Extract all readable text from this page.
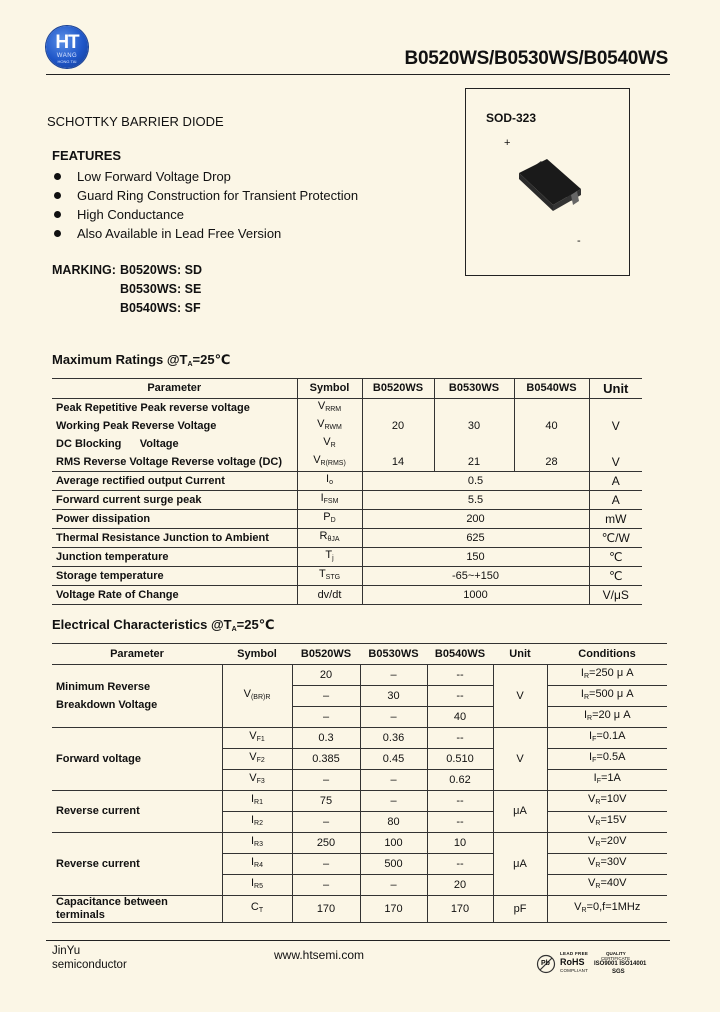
HT
WANG
HONG TAI	B0520WS/B0530WS/B0540WS
SCHOTTKY BARRIER DIODE
FEATURES
Low Forward Voltage Drop
Guard Ring Construction for Transient Protection
High Conductance
Also Available in Lead Free Version
MARKING: B0520WS: SD
B0530WS: SE
B0540WS: SF
SOD-323
+
-
Maximum Ratings $@T_A=25℃$
Parameter	Symbol	B0520WS	B0530WS	B0540WS	Unit
Peak Repetitive Peak reverse voltage	$V_{RRM}$				
Working Peak Reverse Voltage	$V_{RWM}$	20	30	40	V
DC Blocking      Voltage	$V_R$				
RMS Reverse Voltage Reverse voltage (DC)	$V_{R(RMS)}$	14	21	28	V
Average rectified output Current	$I_o$	0.5			A
Forward current surge peak	$I_{FSM}$	5.5			A
Power dissipation	$P_D$	200			mW
Thermal Resistance Junction to Ambient	$R_{\theta JA}$	625			℃/W
Junction temperature	$T_j$	150			℃
Storage temperature	$T_{STG}$	-65~+150			℃
Voltage Rate of Change	dv/dt	1000			V/μS
Electrical Characteristics $@T_A=25℃$
Parameter	Symbol	B0520WS	B0530WS	B0540WS	Unit	Conditions
Minimum Reverse

Breakdown Voltage	$V_{(BR)R}$	20	–	--	V	$I_R=250$ μ A
		–	30	--		$I_R=500$ μ A
		–	–	40		$I_R=20$ μ A
Forward voltage	$V_{F1}$	0.3	0.36	--	V	$I_F=0.1A$
	$V_{F2}$	0.385	0.45	0.510		$I_F=0.5A$
	$V_{F3}$	–	–	0.62		$I_F=1A$
Reverse current	$I_{R1}$	75	–	--	μA	$V_R=10V$
	$I_{R2}$	–	80	--		$V_R=15V$
Reverse current	$I_{R3}$	250	100	10	μA	$V_R=20V$
	$I_{R4}$	–	500	--		$V_R=30V$
	$I_{R5}$	–	–	20		$V_R=40V$
Capacitance between terminals	$C_T$	170	170	170	pF	$V_R=0,f=1MHz$
JinYu
semiconductor
www.htsemi.com
Pb
LEAD FREE
RoHS
COMPLIANT
QUALITY
CERTIFICATE
ISO9001 ISO14001
SGS
